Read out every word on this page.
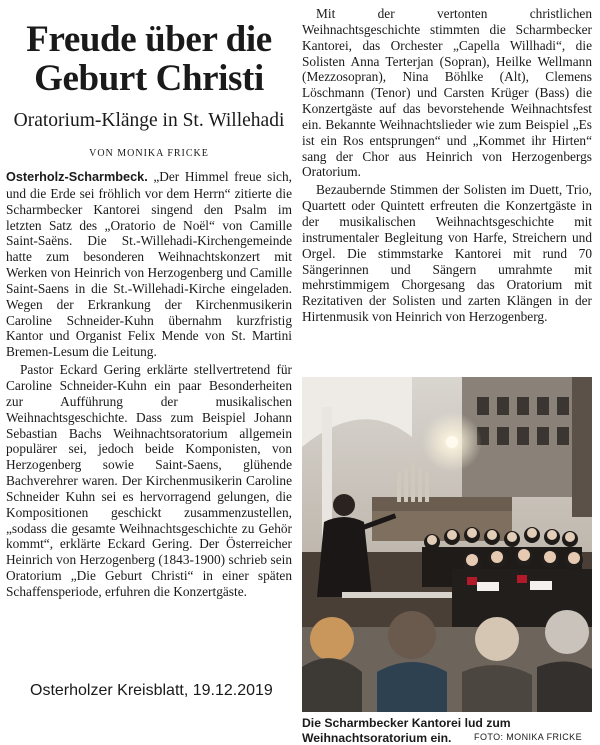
Freude über die
Geburt Christi
Oratorium-Klänge in St. Willehadi
VON MONIKA FRICKE

Osterholz-Scharmbeck. „Der Himmel freue sich, und die Erde sei fröhlich vor dem Herrn“ zitierte die Scharmbecker Kantorei singend den Psalm im letzten Satz des „Oratorio de Noël“ von Camille Saint-Saëns. Die St.-Willehadi-Kirchengemeinde hatte zum besonderen Weihnachtskonzert mit Werken von Heinrich von Herzogenberg und Camille Saint-Saens in die St.-Willehadi-Kirche eingeladen. Wegen der Erkrankung der Kirchenmusikerin Caroline Schneider-Kuhn übernahm kurzfristig Kantor und Organist Felix Mende von St. Martini Bremen-Lesum die Leitung.

Pastor Eckard Gering erklärte stellvertretend für Caroline Schneider-Kuhn ein paar Besonderheiten zur Aufführung der musikalischen Weihnachtsgeschichte. Dass zum Beispiel Johann Sebastian Bachs Weihnachtsoratorium allgemein populärer sei, jedoch beide Komponisten, von Herzogenberg sowie Saint-Saens, glühende Bachverehrer waren. Der Kirchenmusikerin Caroline Schneider Kuhn sei es hervorragend gelungen, die Kompositionen geschickt zusammenzustellen, „sodass die gesamte Weihnachtsgeschichte zu Gehör kommt“, erklärte Eckard Gering. Der Österreicher Heinrich von Herzogenberg (1843-1900) schrieb sein Oratorium „Die Geburt Christi“ in einer späten Schaffensperiode, erfuhren die Konzertgäste.

Osterholzer Kreisblatt, 19.12.2019

Mit der vertonten christlichen Weihnachtsgeschichte stimmten die Scharmbecker Kantorei, das Orchester „Capella Willhadi“, die Solisten Anna Terterjan (Sopran), Heilke Wellmann (Mezzosopran), Nina Böhlke (Alt), Clemens Löschmann (Tenor) und Carsten Krüger (Bass) die Konzertgäste auf das bevorstehende Weihnachtsfest ein. Bekannte Weihnachtslieder wie zum Beispiel „Es ist ein Ros entsprungen“ und „Kommet ihr Hirten“ sang der Chor aus Heinrich von Herzogenbergs Oratorium.

Bezaubernde Stimmen der Solisten im Duett, Trio, Quartett oder Quintett erfreuten die Konzertgäste in der musikalischen Weihnachtsgeschichte mit instrumentaler Begleitung von Harfe, Streichern und Orgel. Die stimmstarke Kantorei mit rund 70 Sängerinnen und Sängern umrahmte mit mehrstimmigem Chorgesang das Oratorium mit Rezitativen der Solisten und zarten Klängen in der Hirtenmusik von Heinrich von Herzogenberg.

Die Scharmbecker Kantorei lud zum Weihnachtsoratorium ein.	FOTO: MONIKA FRICKE
